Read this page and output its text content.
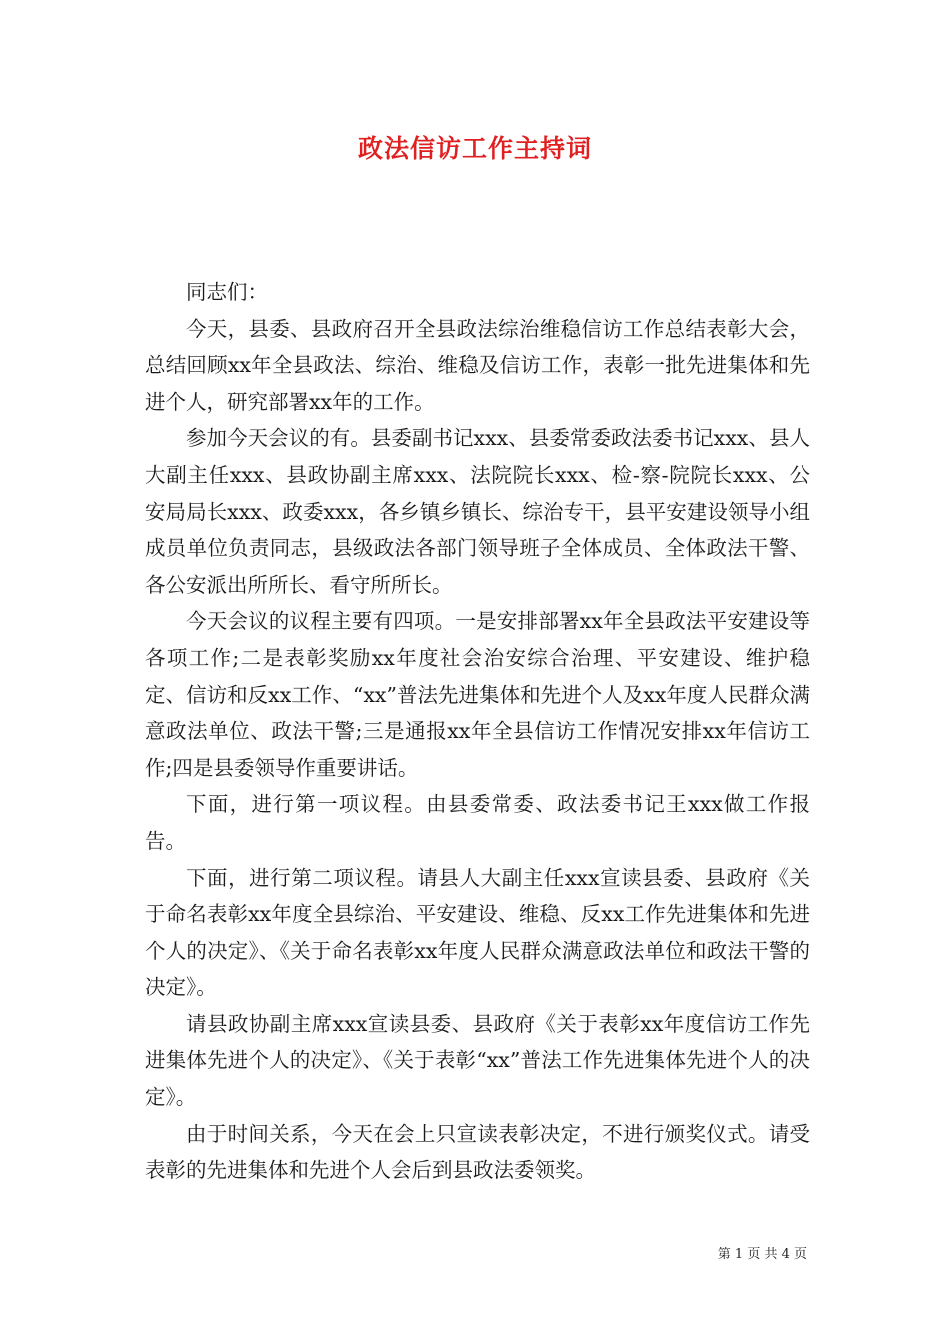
政法信访工作主持词

同志们：

今天，县委、县政府召开全县政法综治维稳信访工作总结表彰大会，总结回顾xx年全县政法、综治、维稳及信访工作，表彰一批先进集体和先进个人，研究部署xx年的工作。

参加今天会议的有。县委副书记xxx、县委常委政法委书记xxx、县人大副主任xxx、县政协副主席xxx、法院院长xxx、检-察-院院长xxx、公安局局长xxx、政委xxx，各乡镇乡镇长、综治专干，县平安建设领导小组成员单位负责同志，县级政法各部门领导班子全体成员、全体政法干警、各公安派出所所长、看守所所长。

今天会议的议程主要有四项。一是安排部署xx年全县政法平安建设等各项工作;二是表彰奖励xx年度社会治安综合治理、平安建设、维护稳定、信访和反xx工作、“xx”普法先进集体和先进个人及xx年度人民群众满意政法单位、政法干警;三是通报xx年全县信访工作情况安排xx年信访工作;四是县委领导作重要讲话。

下面，进行第一项议程。由县委常委、政法委书记王xxx做工作报告。

下面，进行第二项议程。请县人大副主任xxx宣读县委、县政府《关于命名表彰xx年度全县综治、平安建设、维稳、反xx工作先进集体和先进个人的决定》、《关于命名表彰xx年度人民群众满意政法单位和政法干警的决定》。

请县政协副主席xxx宣读县委、县政府《关于表彰xx年度信访工作先进集体先进个人的决定》、《关于表彰“xx”普法工作先进集体先进个人的决定》。

由于时间关系，今天在会上只宣读表彰决定，不进行颁奖仪式。请受表彰的先进集体和先进个人会后到县政法委领奖。

第 1 页 共 4 页
